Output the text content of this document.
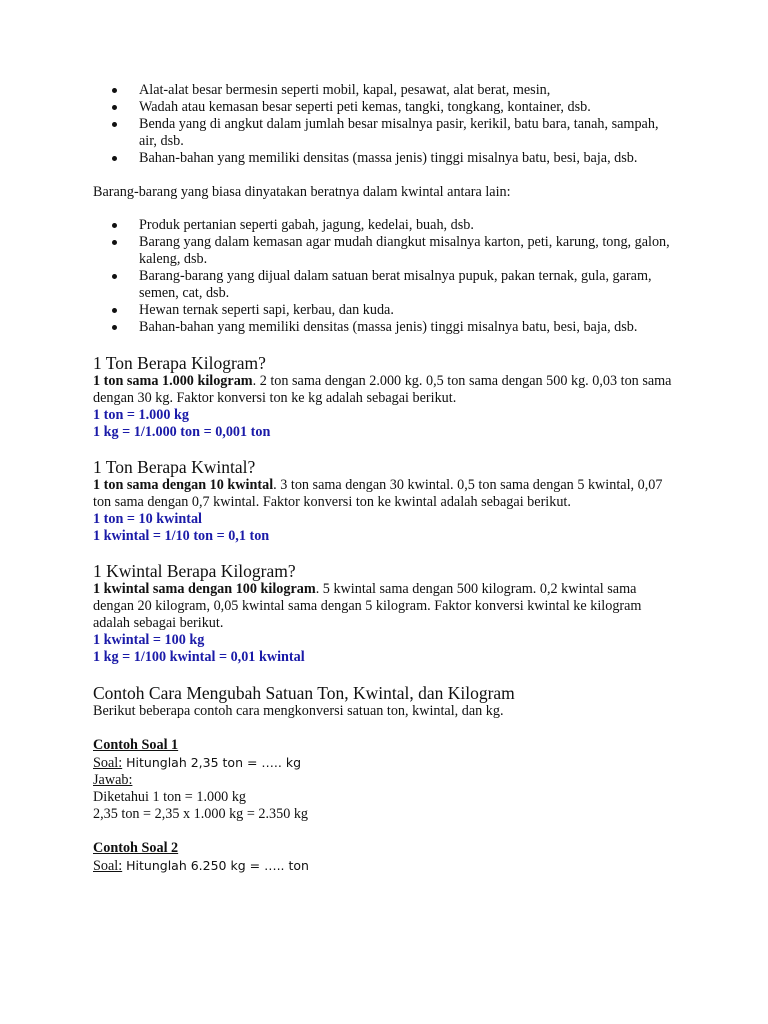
Alat-alat besar bermesin seperti mobil, kapal, pesawat, alat berat, mesin,
Wadah atau kemasan besar seperti peti kemas, tangki, tongkang, kontainer, dsb.
Benda yang di angkut dalam jumlah besar misalnya pasir, kerikil, batu bara, tanah, sampah, air, dsb.
Bahan-bahan yang memiliki densitas (massa jenis) tinggi misalnya batu, besi, baja, dsb.

Barang-barang yang biasa dinyatakan beratnya dalam kwintal antara lain:

Produk pertanian seperti gabah, jagung, kedelai, buah, dsb.
Barang yang dalam kemasan agar mudah diangkut misalnya karton, peti, karung, tong, galon, kaleng, dsb.
Barang-barang yang dijual dalam satuan berat misalnya pupuk, pakan ternak, gula, garam, semen, cat, dsb.
Hewan ternak seperti sapi, kerbau, dan kuda.
Bahan-bahan yang memiliki densitas (massa jenis) tinggi misalnya batu, besi, baja, dsb.
1 Ton Berapa Kilogram?

1 ton sama 1.000 kilogram. 2 ton sama dengan 2.000 kg. 0,5 ton sama dengan 500 kg. 0,03 ton sama dengan 30 kg. Faktor konversi ton ke kg adalah sebagai berikut.

1 ton = 1.000 kg

1 kg = 1/1.000 ton = 0,001 ton

1 Ton Berapa Kwintal?

1 ton sama dengan 10 kwintal. 3 ton sama dengan 30 kwintal. 0,5 ton sama dengan 5 kwintal, 0,07 ton sama dengan 0,7 kwintal. Faktor konversi ton ke kwintal adalah sebagai berikut.

1 ton = 10 kwintal

1 kwintal = 1/10 ton = 0,1 ton

1 Kwintal Berapa Kilogram?

1 kwintal sama dengan 100 kilogram. 5 kwintal sama dengan 500 kilogram. 0,2 kwintal sama dengan 20 kilogram, 0,05 kwintal sama dengan 5 kilogram. Faktor konversi kwintal ke kilogram adalah sebagai berikut.

1 kwintal = 100 kg

1 kg = 1/100 kwintal = 0,01 kwintal

Contoh Cara Mengubah Satuan Ton, Kwintal, dan Kilogram

Berikut beberapa contoh cara mengkonversi satuan ton, kwintal, dan kg.

Contoh Soal 1

Soal: Hitunglah 2,35 ton = ….. kg

Jawab:

Diketahui 1 ton = 1.000 kg

2,35 ton = 2,35 x 1.000 kg = 2.350 kg

Contoh Soal 2

Soal: Hitunglah 6.250 kg = ….. ton
